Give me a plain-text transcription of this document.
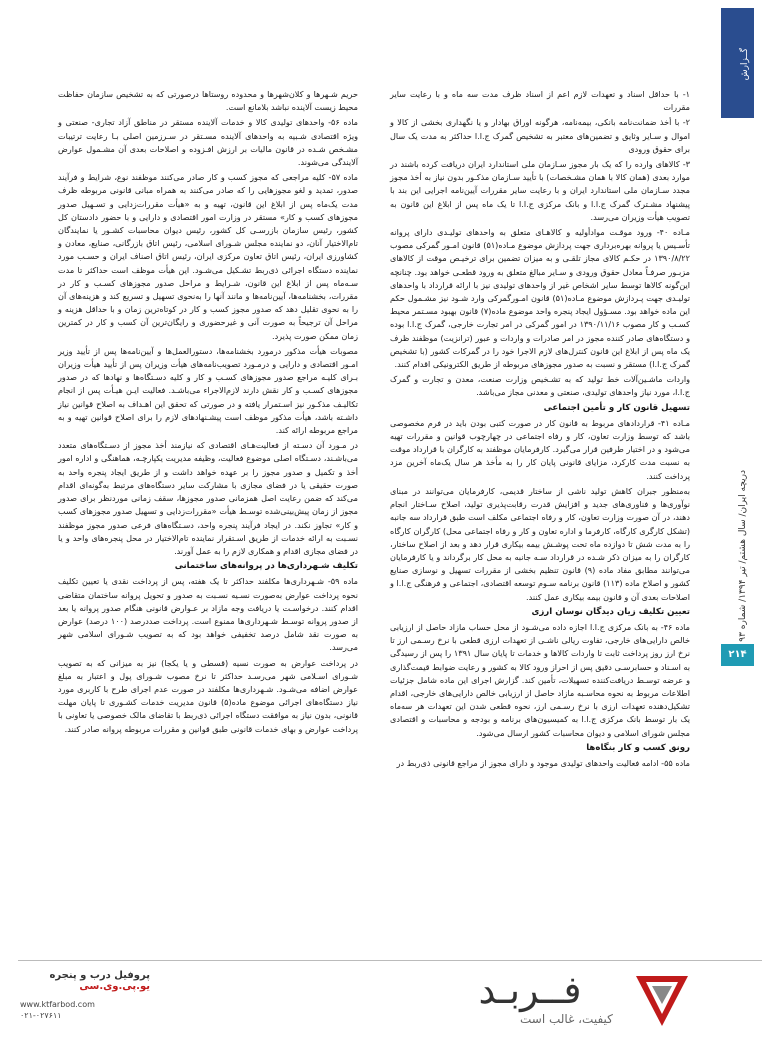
گــزارش
دریچه ایران/ سال هشتم/ تیر ۱۳۹۴/ شماره ۹۳
۲۱۴

۱- با حداقل اسناد و تعهدات لازم اعم از اسناد ظرف مدت سه ماه و با رعایت سایر مقررات

۲- با أخذ ضمانت‌نامه بانکی، بیمه‌نامه، هرگونه اوراق بهادار و یا نگهداری بخشی از کالا و اموال و سـایر وثایق و تضمین‌های معتبر به تشخیص گمرک ج.ا.ا حداکثر به مدت یک سال برای حقوق ورودی

۳- کالاهای وارده را که یک بار مجوز سـازمان ملی استاندارد ایران دریافت کرده باشند در موارد بعدی (همان کالا با همان مشـخصات) با تأیید سـازمان مذکـور بدون نیاز به أخذ مجوز مجدد سـازمان ملی استاندارد ایران و با رعایت سایر مقررات آیین‌نامه اجرایی این بند با پیشنهاد مشـترک گمرک ج.ا.ا و بانک مرکزی ج.ا.ا تا یک ماه پس از ابلاغ این قانون به تصویب هیأت وزیران می‌رسد.

مـاده ۴۰- ورود موقـت موادأولیه و کالاهـای متعلق به واحدهای تولیـدی دارای پروانه تأسـیس یا پروانه بهره‌برداری جهت پردازش موضوع مـاده(۵۱) قانون امـور گمرکی مصوب ۱۳۹۰/۸/۲۲ در حکـم کالای مجاز تلقـی و به میزان تضمین برای ترخیـص موقت از کالاهای مزبـور صرفـاً معادل حقوق ورودی و سـایر مبالغ متعلق به ورود قطعـی خواهد بود. چنانچه این‌گونه کالاها توسط سایر اشخاص غیر از واحدهای تولیدی نیز با ارائه قرارداد با واحدهای تولیـدی جهت پـردازش موضوع مـاده(۵۱) قانون امـورگمرکی وارد شـود نیز مشـمول حکم این ماده خواهد بود. مسـؤول ایجاد پنجره واحد موضوع ماده(۷) قانون بهبود مسـتمر محیط کسـب و کار مصوب ۱۳۹۰/۱۱/۱۶ در امور گمرکی در امر تجارت خارجی، گمرک ج.ا.ا بوده و دستگاه‌های صادر کننده مجوز در امر صادرات و واردات و عبور (ترانزیت) موظفند ظرف یک ماه پس از ابلاغ این قانون کنترل‌های لازم الاجرا خود را در گمرکات کشور (با تشخیص گمرک ج.ا.ا) مستقر و نسبت به صدور مجوزهای مربوطه از طریق الکترونیکی اقدام کنند.

واردات ماشـین‌آلات خط تولید که به تشـخیص وزارت صنعت، معدن و تجارت و گمرک ج.ا.ا، مورد نیاز واحدهای تولیدی، صنعتی و معدنی مجاز می‌باشد.

تسهیل قانون کار و تأمین اجتماعی

مـاده ۴۱- قراردادهای مربوط به قانون کار در صورت کتبی بودن باید در فرم مخصوصی باشد که توسط وزارت تعاون، کار و رفاه اجتماعی در چهارچوب قوانین و مقررات تهیه می‌شود و در اختیار طرفین قرار می‌گیرد. کارفرمایان موظفند به کارگران با قرارداد موقت به نسبت مدت کارکرد، مزایای قانونی پایان کار را به مأخذ هر سال یک‌ماه آخرین مزد پرداخت کنند.

به‌منظور جبران کاهش تولید ناشی از ساختار قدیمی، کارفرمایان می‌توانند در مبنای نوآوری‌ها و فناوری‌های جدید و افزایش قدرت رقابت‌پذیری تولید، اصلاح سـاختار انجام دهند، در آن صورت وزارت تعاون، کار و رفاه اجتماعی مکلف است طبق قرارداد سه جانبه (تشکل کارگری کارگاه، کارفرما و اداره تعاون و کار و رفاه اجتماعی محل) کارگران کارگاه را به مدت شش تا دوازده ماه تحت پوشـش بیمه بیکاری قرار دهد و بعد از اصلاح ساختار، کارگران را به میزان ذکر شـده در قرارداد سـه جانبه به محل کار برگرداند و یا کارفرمایان می‌توانند مطابق مفاد ماده (۹) قانون تنظیم بخشی از مقررات تسهیل و نوسازی صنایع کشور و اصلاح ماده (۱۱۳) قانون برنامه سـوم توسعه اقتصادی، اجتماعی و فرهنگی ج.ا.ا و اصلاحات بعدی آن و قانون بیمه بیکاری عمل کنند.

تعیین تکلیف زیان دیدگان نوسان ارزی

ماده ۴۶- به بانک مرکزی ج.ا.ا اجازه داده می‌شـود از محل حساب مازاد حاصل از ارزیابی خالص دارایی‌های خارجی، تفاوت ریالی ناشـی از تعهدات ارزی قطعی با نرخ رسـمی ارز تا نرخ ارز روز پرداخت ثابت تا واردات کالاها و خدمات تا پایان سال ۱۳۹۱ را پس از رسیدگی به اسـناد و حسابرسـی دقیق پس از احراز ورود کالا به کشور و رعایت ضوابط قیمت‌گذاری و عرضه توسـط دریافت‌کننده تسهیلات، تأمین کند. گزارش اجرای این ماده شامل جزئیات اطلاعات مربوط به نحوه محاسـبه مازاد حاصل از ارزیابی خالص دارایی‌های خارجی، اقدام تشکیل‌دهنده تعهدات ارزی با نرخ رسـمی ارز، نحوه قطعی شدن این تعهدات هر سه‌ماه یک بار توسط بانک مرکزی ج.ا.ا به کمیسیون‌های برنامه و بودجه و محاسبات و اقتصادی مجلس شورای اسلامی و دیوان محاسبات کشور ارسال می‌شود.

رونق کسب و کار بنگاه‌ها

ماده ۵۵- ادامه فعالیت واحدهای تولیدی موجود و دارای مجوز از مراجع قانونی ذی‌ربط در

حریم شـهرها و کلان‌شهرها و محدوده روستاها درصورتی که به تشخیص سازمان حفاظت محیط زیست آلاینده نباشد بلامانع است.

ماده ۵۶- واحدهای تولیدی کالا و خدمات آلاینده مستقر در مناطق آزاد تجاری- صنعتی و ویژه اقتصادی شـبیه به واحدهای آلاینده مسـتقر در سـرزمین اصلی بـا رعایت ترتیبات مشـخص شـده در قانون مالیات بر ارزش افـزوده و اصلاحات بعدی آن مشـمول عوارض آلایندگی می‌شوند.

ماده ۵۷- کلیه مراجعی که مجوز کسب و کار صادر می‌کنند موظفند نوع، شرایط و فرآیند صدور، تمدید و لغو مجوزهایی را که صادر می‌کنند به همراه مبانی قانونی مربوطه ظرف مدت یک‌ماه پس از ابلاغ این قانون، تهیه و به «هیأت مقررات‌زدایی و تسـهیل صدور مجوزهای کسب و کار» مستقر در وزارت امور اقتصادی و دارایی و با حضور دادستان کل کشور، رئیس سازمان بازرسـی کل کشور، رئیس دیوان محاسبات کشـور یا نمایندگان تام‌الاختیار آنان، دو نماینده مجلس شـورای اسلامی، رئیس اتاق بازرگانی، صنایع، معادن و کشاورزی ایران، رئیس اتاق تعاون مرکزی ایران، رئیس اتاق اصناف ایران و حسـب مورد نماینده دستگاه اجرائی ذی‌ربط تشـکیل می‌شـود. این هیأت موظف است حداکثر تا مدت سـه‌ماه پس از ابلاغ این قانون، شـرایط و مراحل صدور مجوزهای کسـب و کار در مقررات، بخشنامه‌ها، آیین‌نامه‌ها و مانند آنها را به‌نحوی تسهیل و تسریع کند و هزینه‌های آن را به نحوی تقلیل دهد که صدور مجوز کسب و کار در کوتاه‌ترین زمان و با حداقل هزینه و مراحل آن ترجیحاً به صورت آنی و غیرحضوری و رایگان‌ترین آن کسب و کار در کمترین زمان ممکن صورت پذیرد.

مصوبات هیأت مذکور درمورد بخشنامه‌ها، دستورالعمل‌ها و آیین‌نامه‌ها پس از تأیید وزیر امـور اقتصادی و دارایی و درمـورد تصویب‌نامه‌های هیأت وزیران پس از تأیید هیأت وزیران بـرای کلیـه مراجع صدور مجوزهای کسـب و کار و کلیه دسـتگاه‌ها و نهادها که در صدور مجوزهای کسـب و کار نقش دارند لازم‌الاجراء می‌باشـد. فعالیت ایـن هیـأت پس از انجام تکالیـف مذکـور نیز اسـتمرار یافته و در صورتی که تحقق این اهـداف به اصلاح قوانین نیاز داشـته باشد، هیأت مذکور موظف است پیشـنهادهای لازم را برای اصلاح قوانین تهیه و به مراجع مربوطه ارائه کند.

در مـورد آن دسـته از فعالیت‌هـای اقتصادی که نیازمند أخذ مجوز از دسـتگاه‌های متعدد می‌باشـند، دسـتگاه اصلی موضوع فعالیت، وظیفه مدیریت یکپارچـه، هماهنگی و اداره امور أخذ و تکمیل و صدور مجوز را بر عهده خواهد داشت و از طریق ایجاد پنجره واحد به صورت حقیقی یا در فضای مجازی با مشارکت سایر دستگاه‌های مرتبط به‌گونه‌ای اقدام می‌کند که ضمن رعایت اصل همزمانی صدور مجوزها، سقف زمانی موردنظر برای صدور مجوز از زمان پیش‌بینی‌شده توسـط هیأت «مقررات‌زدایی و تسهیل صدور مجوزهای کسب و کار» تجاوز نکند. در ایجاد فرآیند پنجره واحد، دسـتگاه‌های فرعی صدور مجوز موظفند نسـبت به ارائه خدمات از طریق اسـتقرار نماینده تام‌الاختیار در محل پنجره‌های واحد و یا در فضای مجازی اقدام و همکاری لازم را به عمل آورند.

تکلیف شـهرداری‌ها در پروانه‌های ساختمانی

ماده ۵۹- شـهرداری‌ها مکلفند حداکثر تا یک هفته، پس از پرداخت نقدی یا تعیین تکلیف نحوه پرداخت عوارض به‌صورت نسـیه نسـبت به صدور و تحویل پروانه ساختمان متقاضی اقدام کنند. درخواسـت یا دریافت وجه مازاد بر عـوارض قانونی هنگام صدور پروانه یا بعد از صدور پروانه توسـط شـهرداری‌ها ممنوع است. پرداخت صددرصد (۱۰۰ درصد) عوارض به صورت نقد شامل درصد تخفیفی خواهد بود که به تصویب شـورای اسلامی شهر می‌رسد.

در پرداخت عوارض به صورت نسیه (قسطی و یا یکجا) نیز به میزانی که به تصویب شـورای اسـلامی شهر می‌رسـد حداکثر تا نرخ مصوب شـورای پول و اعتبار به مبلغ عوارض اضافه می‌شـود. شـهرداری‌ها مکلفند در صورت عدم اجرای طرح با کاربری مورد نیاز دستگاه‌های اجرائی موضوع ماده(۵) قانون مدیریت خدمات کشـوری تا پایان مهلت قانونی، بدون نیاز به موافقت دستگاه اجرائی ذی‌ربط با تقاضای مالک خصوصی یا تعاونی با پرداخت عوارض و بهای خدمات قانونی طبق قوانین و مقررات مربوطه پروانه صادر کنند.

پروفیل درب و پنجره
یو.پی.وی.سی
www.ktfarbod.com
۰۲۱-۰۲۷۶۱۱
فــربـد
کیفیت، غالب است
